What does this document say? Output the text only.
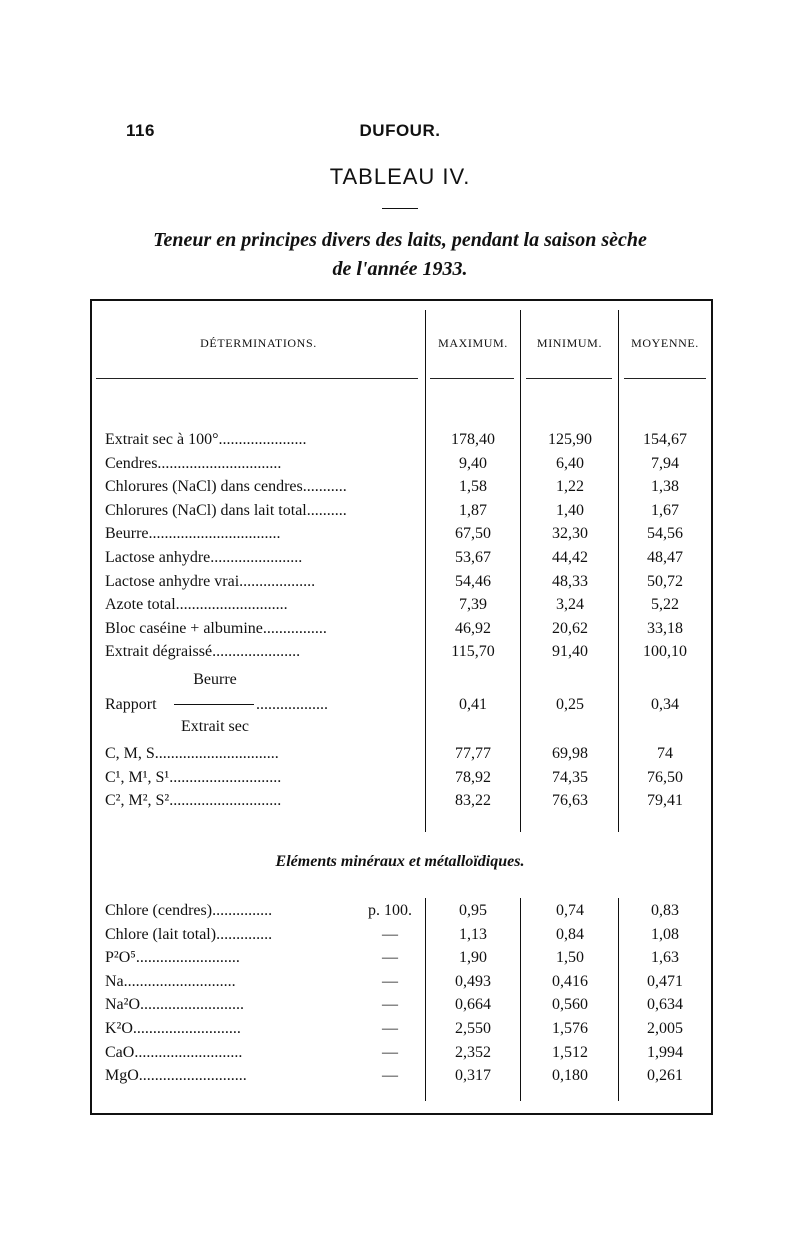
116	DUFOUR.
TABLEAU IV.
Teneur en principes divers des laits, pendant la saison sèche
de l'année 1933.
DÉTERMINATIONS.	MAXIMUM.	MINIMUM.	MOYENNE.
Extrait sec à 100°......................	178,40	125,90	154,67
Cendres...............................	9,40	6,40	7,94
Chlorures (NaCl) dans cendres...........	1,58	1,22	1,38
Chlorures (NaCl) dans lait total..........	1,87	1,40	1,67
Beurre.................................	67,50	32,30	54,56
Lactose anhydre.......................	53,67	44,42	48,47
Lactose anhydre vrai...................	54,46	48,33	50,72
Azote total............................	7,39	3,24	5,22
Bloc caséine + albumine................	46,92	20,62	33,18
Extrait dégraissé......................	115,70	91,40	100,10
Beurre
Rapport	..................	0,41	0,25	0,34
Extrait sec
C, M, S...............................	77,77	69,98	74
C¹, M¹, S¹............................	78,92	74,35	76,50
C², M², S²............................	83,22	76,63	79,41
Eléments minéraux et métalloïdiques.
Chlore (cendres)...............	p. 100.	0,95	0,74	0,83
Chlore (lait total)..............	—	1,13	0,84	1,08
P²O⁵..........................	—	1,90	1,50	1,63
Na............................	—	0,493	0,416	0,471
Na²O..........................	—	0,664	0,560	0,634
K²O...........................	—	2,550	1,576	2,005
CaO...........................	—	2,352	1,512	1,994
MgO...........................	—	0,317	0,180	0,261
